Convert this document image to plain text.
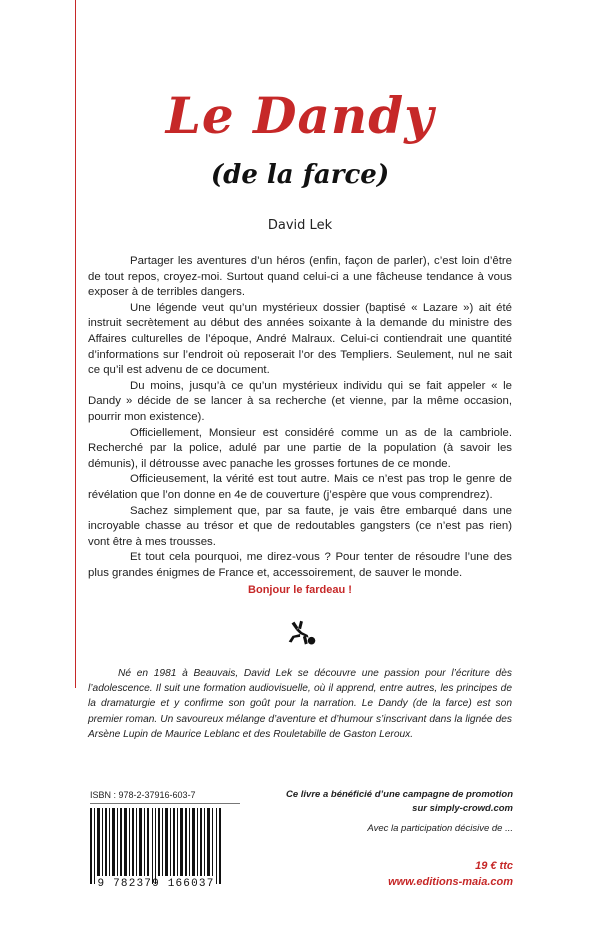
Le Dandy
(de la farce)
David Lek

Partager les aventures d’un héros (enfin, façon de parler), c’est loin d’être de tout repos, croyez-moi. Surtout quand celui-ci a une fâcheuse tendance à vous exposer à de terribles dangers.

Une légende veut qu’un mystérieux dossier (baptisé « Lazare ») ait été instruit secrètement au début des années soixante à la demande du ministre des Affaires culturelles de l’époque, André Malraux. Celui-ci contiendrait une quantité d’informations sur l’endroit où reposerait l’or des Templiers. Seulement, nul ne sait ce qu’il est advenu de ce document.

Du moins, jusqu’à ce qu’un mystérieux individu qui se fait appeler « le Dandy » décide de se lancer à sa recherche (et vienne, par la même occasion, pourrir mon existence).

Officiellement, Monsieur est considéré comme un as de la cambriole. Recherché par la police, adulé par une partie de la population (à savoir les démunis), il détrousse avec panache les grosses fortunes de ce monde.

Officieusement, la vérité est tout autre. Mais ce n’est pas trop le genre de révélation que l’on donne en 4e de couverture (j’espère que vous comprendrez).

Sachez simplement que, par sa faute, je vais être embarqué dans une incroyable chasse au trésor et que de redoutables gangsters (ce n’est pas rien) vont être à mes trousses.

Et tout cela pourquoi, me direz-vous ? Pour tenter de résoudre l’une des plus grandes énigmes de France et, accessoirement, de sauver le monde.

Bonjour le fardeau !

Né en 1981 à Beauvais, David Lek se découvre une passion pour l’écriture dès l’adolescence. Il suit une formation audiovisuelle, où il apprend, entre autres, les principes de la dramaturgie et y confirme son goût pour la narration. Le Dandy (de la farce) est son premier roman. Un savoureux mélange d’aventure et d’humour s’inscrivant dans la lignée des Arsène Lupin de Maurice Leblanc et des Rouletabille de Gaston Leroux.

ISBN : 978-2-37916-603-7	Ce livre a bénéficié d’une campagne de promotion
sur simply-crowd.com
Avec la participation décisive de ...
9 782379 166037
19 € ttc
www.editions-maia.com
